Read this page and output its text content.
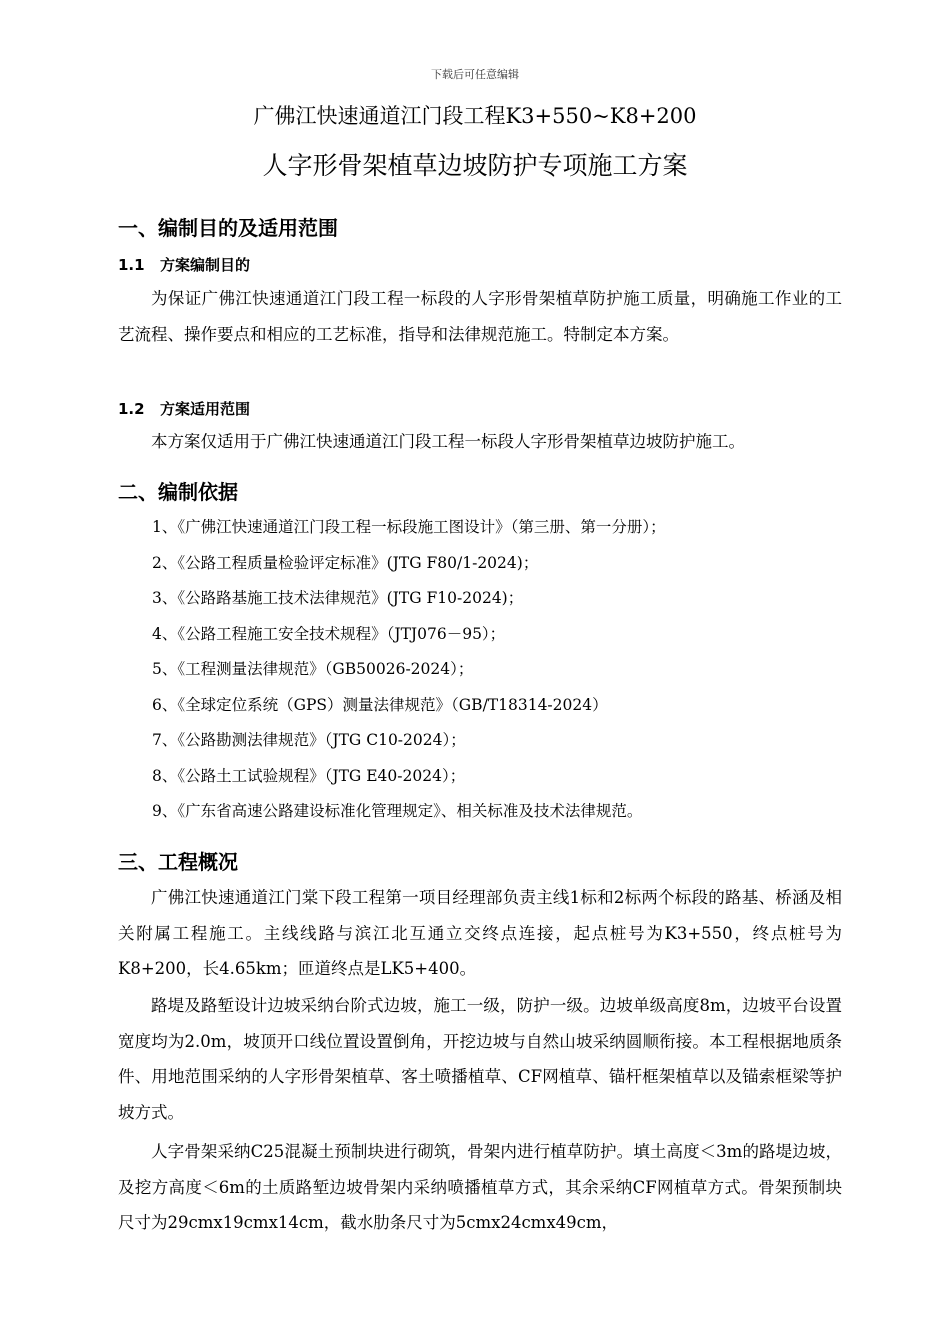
下载后可任意编辑
广佛江快速通道江门段工程K3+550~K8+200
人字形骨架植草边坡防护专项施工方案
一、编制目的及适用范围
1.1 方案编制目的
为保证广佛江快速通道江门段工程一标段的人字形骨架植草防护施工质量，明确施工作业的工艺流程、操作要点和相应的工艺标准，指导和法律规范施工。特制定本方案。
1.2 方案适用范围
本方案仅适用于广佛江快速通道江门段工程一标段人字形骨架植草边坡防护施工。
二、编制依据
1、《广佛江快速通道江门段工程一标段施工图设计》（第三册、第一分册）；
2、《公路工程质量检验评定标准》(JTG F80/1-2024)；
3、《公路路基施工技术法律规范》(JTG F10-2024)；
4、《公路工程施工安全技术规程》（JTJ076－95）；
5、《工程测量法律规范》（GB50026-2024）；
6、《全球定位系统（GPS）测量法律规范》（GB/T18314-2024）
7、《公路勘测法律规范》（JTG C10-2024）；
8、《公路土工试验规程》（JTG E40-2024）；
9、《广东省高速公路建设标准化管理规定》、相关标准及技术法律规范。
三、工程概况
广佛江快速通道江门棠下段工程第一项目经理部负责主线1标和2标两个标段的路基、桥涵及相关附属工程施工。主线线路与滨江北互通立交终点连接，起点桩号为K3+550，终点桩号为K8+200，长4.65km；匝道终点是LK5+400。
路堤及路堑设计边坡采纳台阶式边坡，施工一级，防护一级。边坡单级高度8m，边坡平台设置宽度均为2.0m，坡顶开口线位置设置倒角，开挖边坡与自然山坡采纳圆顺衔接。本工程根据地质条件、用地范围采纳的人字形骨架植草、客土喷播植草、CF网植草、锚杆框架植草以及锚索框梁等护坡方式。
人字骨架采纳C25混凝土预制块进行砌筑，骨架内进行植草防护。填土高度＜3m的路堤边坡，及挖方高度＜6m的土质路堑边坡骨架内采纳喷播植草方式，其余采纳CF网植草方式。骨架预制块尺寸为29cmx19cmx14cm，截水肋条尺寸为5cmx24cmx49cm，
